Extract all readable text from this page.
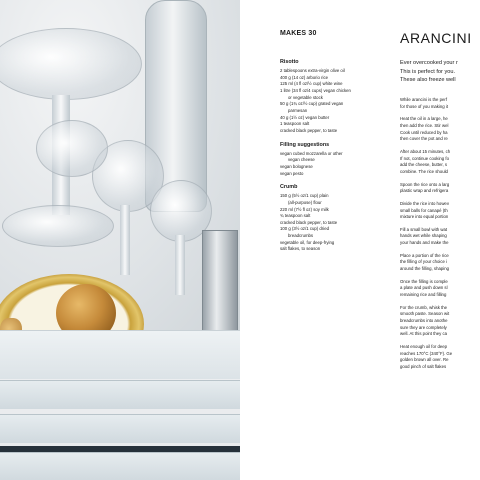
MAKES 30
Risotto

2 tablespoons extra-virgin olive oil

400 g (14 oz) arborio rice

125 ml (4 fl oz/½ cup) white wine

1 litre (34 fl oz/4 cups) vegan chicken

or vegetable stock

50 g (1¾ oz/½ cup) grated vegan

parmesan

40 g (1½ oz) vegan butter

1 teaspoon salt

cracked black pepper, to taste

Filling suggestions

vegan cubed mozzarella or other

vegan cheese

vegan bolognese

vegan pesto

Crumb

150 g (5½ oz/1 cup) plain

(all-purpose) flour

220 ml (7½ fl oz) soy milk

¾ teaspoon salt

cracked black pepper, to taste

100 g (3½ oz/1 cup) dried

breadcrumbs

vegetable oil, for deep-frying

salt flakes, to season

ARANCINI

Ever overcooked your r
This is perfect for you.
These also freeze well

While arancini is the perf
for those of you making it

Heat the oil in a large, he
then add the rice. Stir wel
Cook until reduced by ha
then cover the pot and re

After about 15 minutes, ch
If not, continue cooking fo
add the cheese, butter, s
combine. The rice should

Spoon the rice onto a larg
plastic wrap and refrigera

Divide the rice into howev
small balls for canapé (th
mixture into equal portion

Fill a small bowl with wat
hands wet while shaping
your hands and make the

Place a portion of the rice
the filling of your choice i
around the filling, shaping

Once the filling is comple
a plate and push down sl
remaining rice and filling

For the crumb, whisk the
smooth paste. Season wit
breadcrumbs into anothe
sure they are completely
well. At this point they ca

Heat enough oil for deep
reaches 170°C (340°F). Ge
golden brown all over. Re
good pinch of salt flakes
